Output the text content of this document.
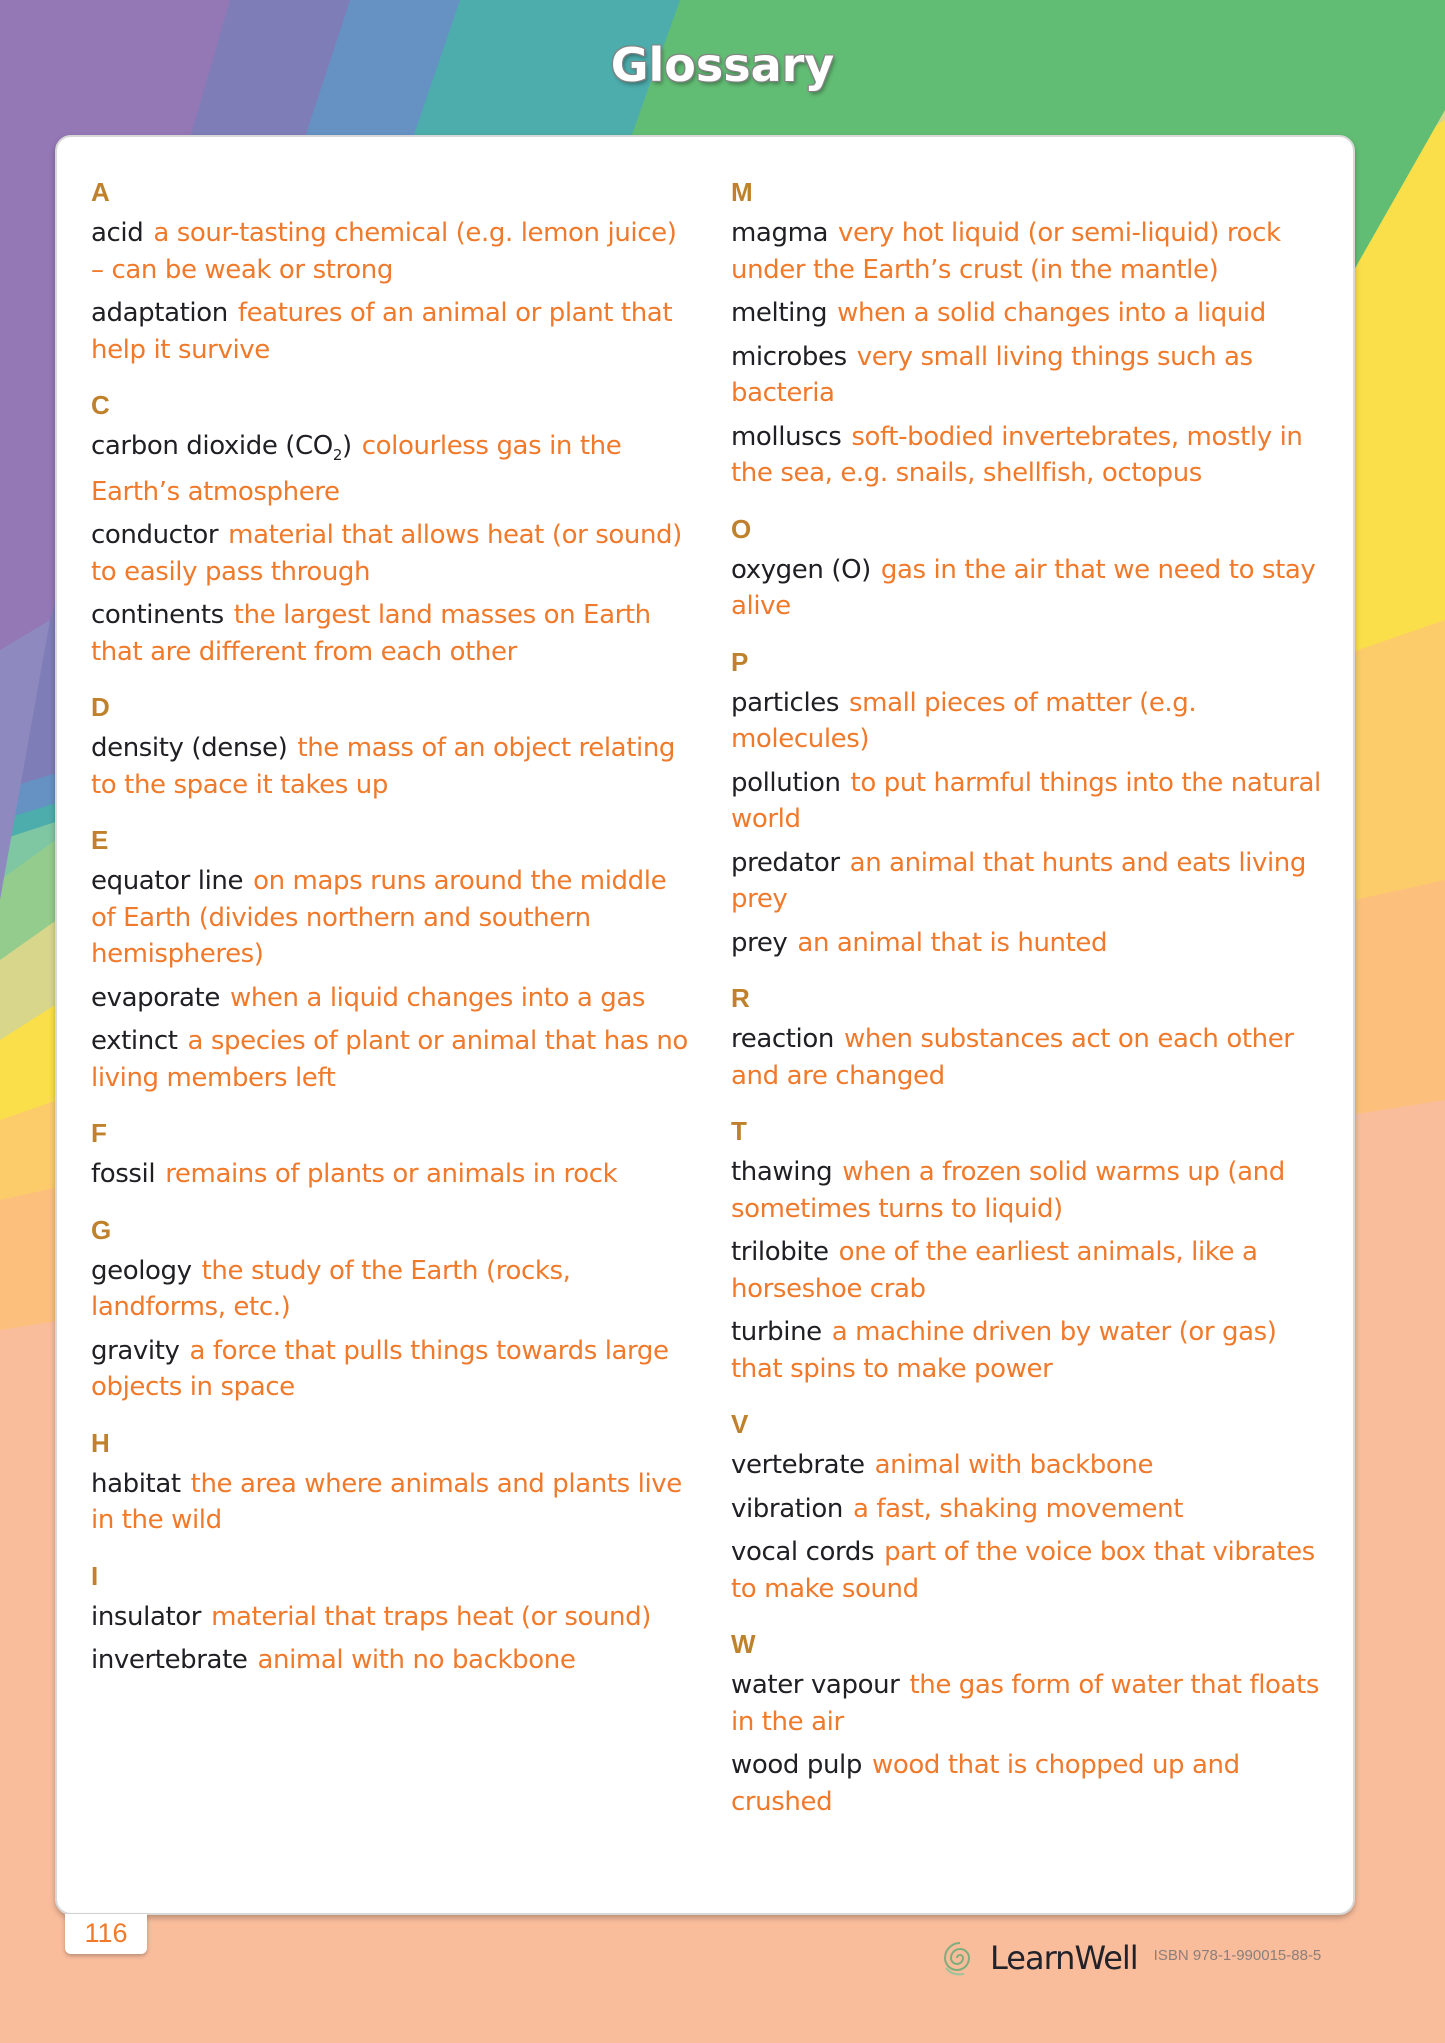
Glossary
A
acid a sour-tasting chemical (e.g. lemon juice) – can be weak or strong
adaptation features of an animal or plant that help it survive
C
carbon dioxide $(CO_2)$ colourless gas in the Earth’s atmosphere
conductor material that allows heat (or sound) to easily pass through
continents the largest land masses on Earth that are different from each other
D
density (dense) the mass of an object relating to the space it takes up
E
equator line on maps runs around the middle of Earth (divides northern and southern hemispheres)
evaporate when a liquid changes into a gas
extinct a species of plant or animal that has no living members left
F
fossil remains of plants or animals in rock
G
geology the study of the Earth (rocks, landforms, etc.)
gravity a force that pulls things towards large objects in space
H
habitat the area where animals and plants live in the wild
I
insulator material that traps heat (or sound)
invertebrate animal with no backbone
M
magma very hot liquid (or semi-liquid) rock under the Earth’s crust (in the mantle)
melting when a solid changes into a liquid
microbes very small living things such as bacteria
molluscs soft-bodied invertebrates, mostly in the sea, e.g. snails, shellfish, octopus
O
oxygen (O) gas in the air that we need to stay alive
P
particles small pieces of matter (e.g. molecules)
pollution to put harmful things into the natural world
predator an animal that hunts and eats living prey
prey an animal that is hunted
R
reaction when substances act on each other and are changed
T
thawing when a frozen solid warms up (and sometimes turns to liquid)
trilobite one of the earliest animals, like a horseshoe crab
turbine a machine driven by water (or gas) that spins to make power
V
vertebrate animal with backbone
vibration a fast, shaking movement
vocal cords part of the voice box that vibrates to make sound
W
water vapour the gas form of water that floats in the air
wood pulp wood that is chopped up and crushed
116
LearnWell ISBN 978-1-990015-88-5
